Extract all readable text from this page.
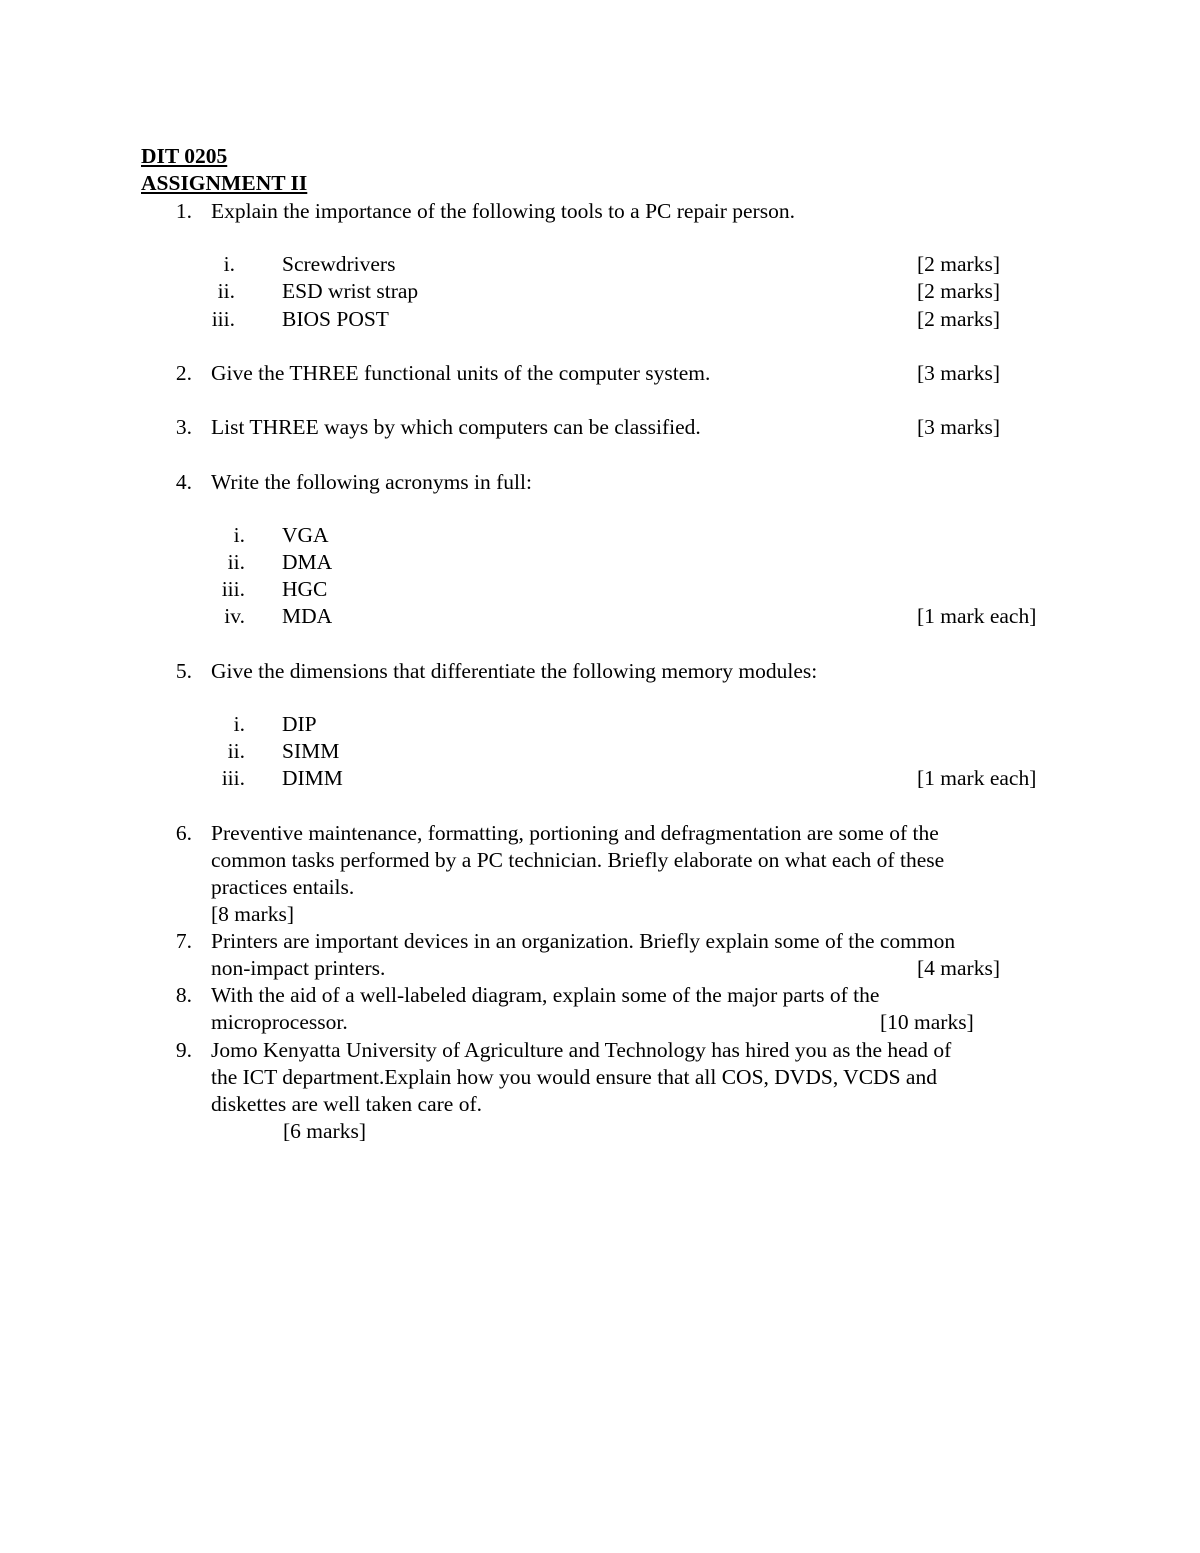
DIT 0205
ASSIGNMENT II
1. Explain the importance of the following tools to a PC repair person.
i. Screwdrivers	[2 marks]
ii. ESD wrist strap	[2 marks]
iii. BIOS POST	[2 marks]
2. Give the THREE functional units of the computer system.	[3 marks]
3. List THREE ways by which computers can be classified.	[3 marks]
4. Write the following acronyms in full:
i. VGA
ii. DMA
iii. HGC
iv. MDA	[1 mark each]
5. Give the dimensions that differentiate the following memory modules:
i. DIP
ii. SIMM
iii. DIMM	[1 mark each]
6. Preventive maintenance, formatting, portioning and defragmentation are some of the
common tasks performed by a PC technician. Briefly elaborate on what each of these
practices entails.
[8 marks]
7. Printers are important devices in an organization. Briefly explain some of the common
non-impact printers.	[4 marks]
8. With the aid of a well-labeled diagram, explain some of the major parts of the
microprocessor.	[10 marks]
9. Jomo Kenyatta University of Agriculture and Technology has hired you as the head of
the ICT department.Explain how you would ensure that all COS, DVDS, VCDS and
diskettes are well taken care of.
[6 marks]
